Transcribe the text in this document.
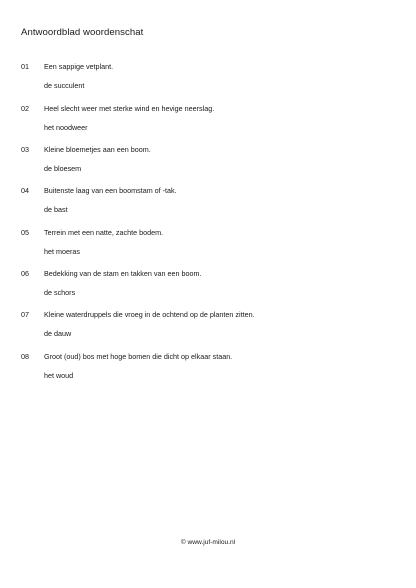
Antwoordblad woordenschat
01 Een sappige vetplant.
de succulent
02 Heel slecht weer met sterke wind en hevige neerslag.
het noodweer
03 Kleine bloemetjes aan een boom.
de bloesem
04 Buitenste laag van een boomstam of -tak.
de bast
05 Terrein met een natte, zachte bodem.
het moeras
06 Bedekking van de stam en takken van een boom.
de schors
07 Kleine waterdruppels die vroeg in de ochtend op de planten zitten.
de dauw
08 Groot (oud) bos met hoge bomen die dicht op elkaar staan.
het woud
© www.juf-milou.nl
